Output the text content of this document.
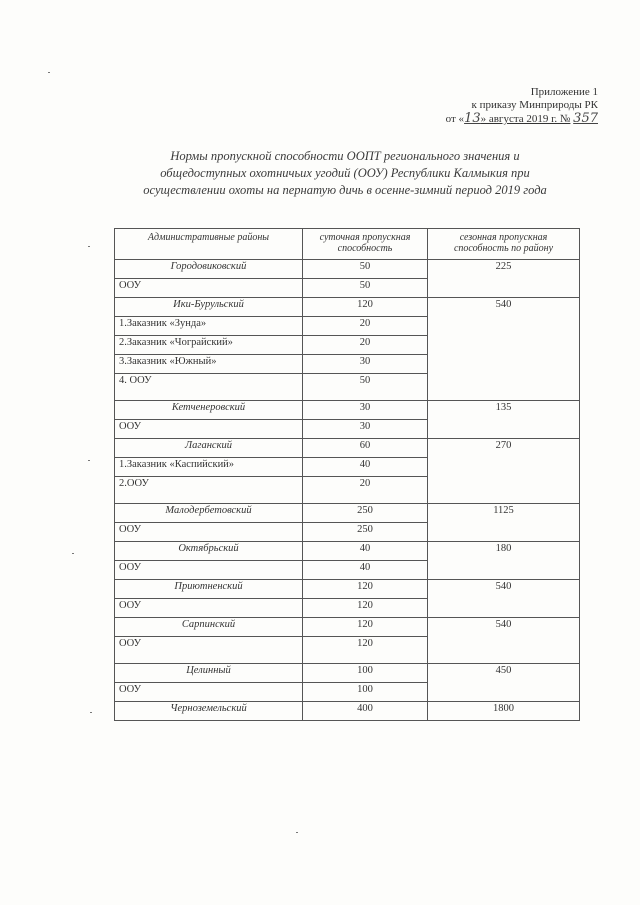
Приложение 1
к приказу Минприроды РК
от «13» августа 2019 г. № 357
Нормы пропускной способности ООПТ регионального значения и
общедоступных охотничьих угодий (ООУ) Республики Калмыкия при
осуществлении охоты на пернатую дичь в осенне-зимний период 2019 года
Административные районы	суточная пропускная способность	сезонная пропускная способность по району
Городовиковский	50	225
ООУ	50	
Ики-Бурульский	120	540
1.Заказник «Зунда»	20	
2.Заказник «Чограйский»	20	
3.Заказник «Южный»	30	
4. ООУ	50	
Кетченеровский	30	135
ООУ	30	
Лаганский	60	270
1.Заказник «Каспийский»	40	
2.ООУ	20	
Малодербетовский	250	1125
ООУ	250	
Октябрьский	40	180
ООУ	40	
Приютненский	120	540
ООУ	120	
Сарпинский	120	540
ООУ	120	
Целинный	100	450
ООУ	100	
Черноземельский	400	1800
